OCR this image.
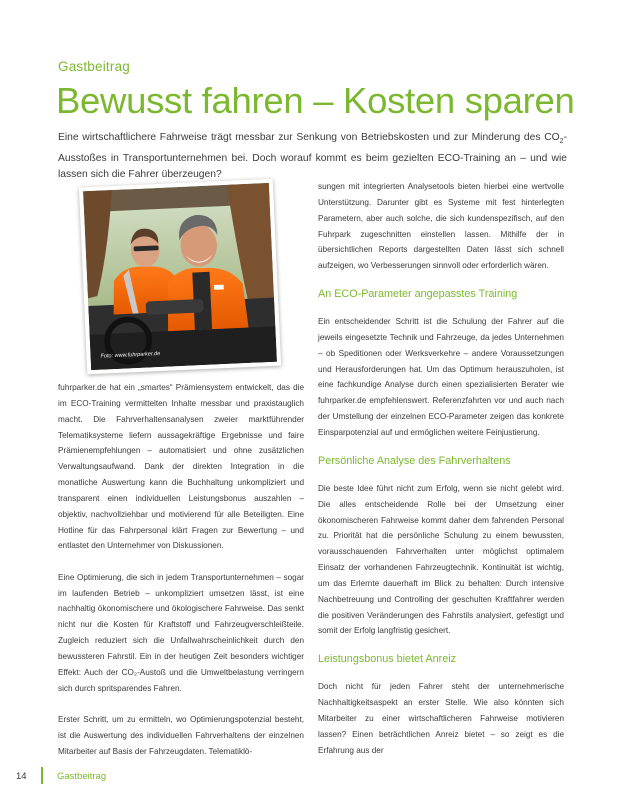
Gastbeitrag
Bewusst fahren – Kosten sparen

Eine wirtschaftlichere Fahrweise trägt messbar zur Senkung von Betriebskosten und zur Minderung des $CO_2$-Ausstoßes in Transportunternehmen bei. Doch worauf kommt es beim gezielten ECO-Training an – und wie lassen sich die Fahrer überzeugen?

Foto: www.fuhrparker.de

fuhrparker.de hat ein „smartes“ Prämiensystem entwickelt, das die im ECO-Training vermittelten Inhalte messbar und praxistauglich macht. Die Fahrverhaltensanalysen zweier marktführender Telematiksysteme liefern aussagekräftige Ergebnisse und faire Prämienempfehlungen – automatisiert und ohne zusätzlichen Verwaltungsaufwand. Dank der direkten Integration in die monatliche Auswertung kann die Buchhaltung unkompliziert und transparent einen individuellen Leistungsbonus auszahlen – objektiv, nachvollziehbar und motivierend für alle Beteiligten. Eine Hotline für das Fahrpersonal klärt Fragen zur Bewertung – und entlastet den Unternehmer von Diskussionen.

Eine Optimierung, die sich in jedem Transportunternehmen – sogar im laufenden Betrieb – unkompliziert umsetzen lässt, ist eine nachhaltig ökonomischere und ökologischere Fahrweise. Das senkt nicht nur die Kosten für Kraftstoff und Fahrzeugverschleißteile. Zugleich reduziert sich die Unfallwahrscheinlichkeit durch den bewussteren Fahrstil. Ein in der heutigen Zeit besonders wichtiger Effekt: Auch der CO₂-Austoß und die Umweltbelastung verringern sich durch spritsparendes Fahren.

Erster Schritt, um zu ermitteln, wo Optimierungspotenzial besteht, ist die Auswertung des individuellen Fahrverhaltens der einzelnen Mitarbeiter auf Basis der Fahrzeugdaten. Telematiklö-

sungen mit integrierten Analysetools bieten hierbei eine wertvolle Unterstützung. Darunter gibt es Systeme mit fest hinterlegten Parametern, aber auch solche, die sich kundenspezifisch, auf den Fuhrpark zugeschnitten einstellen lassen. Mithilfe der in übersichtlichen Reports dargestellten Daten lässt sich schnell aufzeigen, wo Verbesserungen sinnvoll oder erforderlich wären.

An ECO-Parameter angepasstes Training

Ein entscheidender Schritt ist die Schulung der Fahrer auf die jeweils eingesetzte Technik und Fahrzeuge, da jedes Unternehmen – ob Speditionen oder Werksverkehre – andere Voraussetzungen und Herausforderungen hat. Um das Optimum herauszuholen, ist eine fachkundige Analyse durch einen spezialisierten Berater wie fuhrparker.de empfehlenswert. Referenzfahrten vor und auch nach der Umstellung der einzelnen ECO-Parameter zeigen das konkrete Einsparpotenzial auf und ermöglichen weitere Feinjustierung.

Persönliche Analyse des Fahrverhaltens

Die beste Idee führt nicht zum Erfolg, wenn sie nicht gelebt wird. Die alles entscheidende Rolle bei der Umsetzung einer ökonomischeren Fahrweise kommt daher dem fahrenden Personal zu. Priorität hat die persönliche Schulung zu einem bewussten, vorausschauenden Fahrverhalten unter möglichst optimalem Einsatz der vorhandenen Fahrzeugtechnik. Kontinuität ist wichtig, um das Erlernte dauerhaft im Blick zu behalten: Durch intensive Nachbetreuung und Controlling der geschulten Kraftfahrer werden die positiven Veränderungen des Fahrstils analysiert, gefestigt und somit der Erfolg langfristig gesichert.

Leistungsbonus bietet Anreiz

Doch nicht für jeden Fahrer steht der unternehmerische Nachhaltigkeitsaspekt an erster Stelle. Wie also könnten sich Mitarbeiter zu einer wirtschaftlicheren Fahrweise motivieren lassen? Einen beträchtlichen Anreiz bietet – so zeigt es die Erfahrung aus der

14	Gastbeitrag
